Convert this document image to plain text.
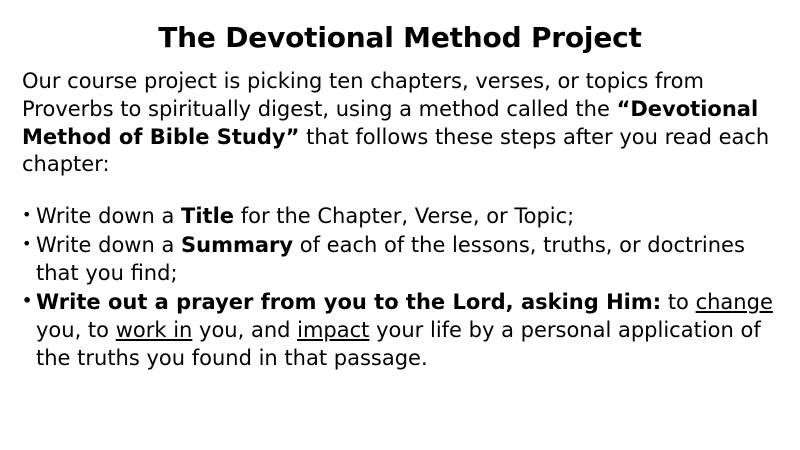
The Devotional Method Project

Our course project is picking ten chapters, verses, or topics from Proverbs to spiritually digest, using a method called the “Devotional Method of Bible Study” that follows these steps after you read each chapter:

• Write down a Title for the Chapter, Verse, or Topic;
• Write down a Summary of each of the lessons, truths, or doctrines that you find;
• Write out a prayer from you to the Lord, asking Him: to change you, to work in you, and impact your life by a personal application of the truths you found in that passage.
